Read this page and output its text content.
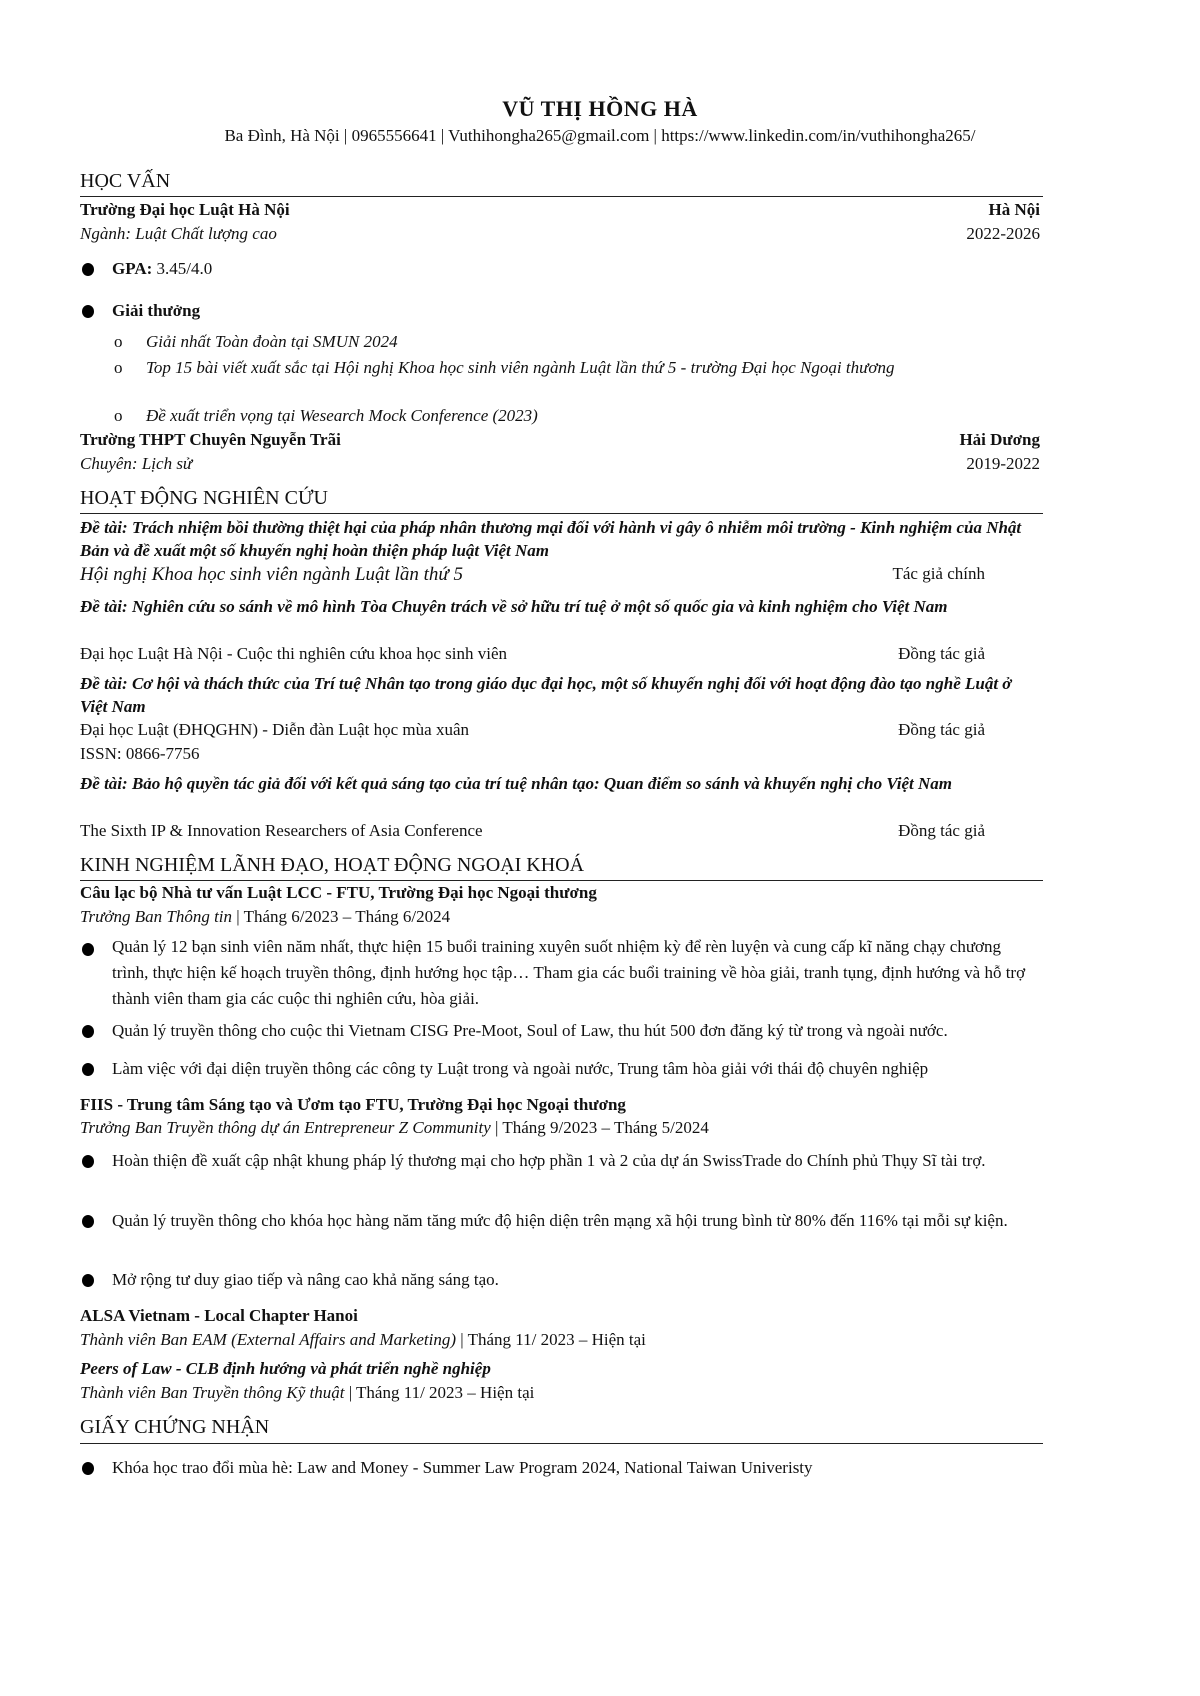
VŨ THỊ HỒNG HÀ
Ba Đình, Hà Nội | 0965556641 | Vuthihongha265@gmail.com | https://www.linkedin.com/in/vuthihongha265/
HỌC VẤN
Trường Đại học Luật Hà Nội	Hà Nội
Ngành: Luật Chất lượng cao	2022-2026
GPA: 3.45/4.0
Giải thưởng
o Giải nhất Toàn đoàn tại SMUN 2024
o Top 15 bài viết xuất sắc tại Hội nghị Khoa học sinh viên ngành Luật lần thứ 5 - trường Đại học Ngoại thương
o Đề xuất triển vọng tại Wesearch Mock Conference (2023)
Trường THPT Chuyên Nguyễn Trãi	Hải Dương
Chuyên: Lịch sử	2019-2022
HOẠT ĐỘNG NGHIÊN CỨU
Đề tài: Trách nhiệm bồi thường thiệt hại của pháp nhân thương mại đối với hành vi gây ô nhiễm môi trường - Kinh nghiệm của Nhật Bản và đề xuất một số khuyến nghị hoàn thiện pháp luật Việt Nam
Hội nghị Khoa học sinh viên ngành Luật lần thứ 5	Tác giả chính
Đề tài: Nghiên cứu so sánh về mô hình Tòa Chuyên trách về sở hữu trí tuệ ở một số quốc gia và kinh nghiệm cho Việt Nam
Đại học Luật Hà Nội - Cuộc thi nghiên cứu khoa học sinh viên	Đồng tác giả
Đề tài: Cơ hội và thách thức của Trí tuệ Nhân tạo trong giáo dục đại học, một số khuyến nghị đối với hoạt động đào tạo nghề Luật ở Việt Nam
Đại học Luật (ĐHQGHN) - Diễn đàn Luật học mùa xuân	Đồng tác giả
ISSN: 0866-7756
Đề tài: Bảo hộ quyền tác giả đối với kết quả sáng tạo của trí tuệ nhân tạo: Quan điểm so sánh và khuyến nghị cho Việt Nam
The Sixth IP & Innovation Researchers of Asia Conference	Đồng tác giả
KINH NGHIỆM LÃNH ĐẠO, HOẠT ĐỘNG NGOẠI KHOÁ
Câu lạc bộ Nhà tư vấn Luật LCC - FTU, Trường Đại học Ngoại thương
Trưởng Ban Thông tin | Tháng 6/2023 – Tháng 6/2024
Quản lý 12 bạn sinh viên năm nhất, thực hiện 15 buổi training xuyên suốt nhiệm kỳ để rèn luyện và cung cấp kĩ năng chạy chương trình, thực hiện kế hoạch truyền thông, định hướng học tập… Tham gia các buổi training về hòa giải, tranh tụng, định hướng và hỗ trợ thành viên tham gia các cuộc thi nghiên cứu, hòa giải.
Quản lý truyền thông cho cuộc thi Vietnam CISG Pre-Moot, Soul of Law, thu hút 500 đơn đăng ký từ trong và ngoài nước.
Làm việc với đại diện truyền thông các công ty Luật trong và ngoài nước, Trung tâm hòa giải với thái độ chuyên nghiệp
FIIS - Trung tâm Sáng tạo và Ươm tạo FTU, Trường Đại học Ngoại thương
Trưởng Ban Truyền thông dự án Entrepreneur Z Community | Tháng 9/2023 – Tháng 5/2024
Hoàn thiện đề xuất cập nhật khung pháp lý thương mại cho hợp phần 1 và 2 của dự án SwissTrade do Chính phủ Thụy Sĩ tài trợ.
Quản lý truyền thông cho khóa học hàng năm tăng mức độ hiện diện trên mạng xã hội trung bình từ 80% đến 116% tại mỗi sự kiện.
Mở rộng tư duy giao tiếp và nâng cao khả năng sáng tạo.
ALSA Vietnam - Local Chapter Hanoi
Thành viên Ban EAM (External Affairs and Marketing) | Tháng 11/ 2023 – Hiện tại
Peers of Law - CLB định hướng và phát triển nghề nghiệp
Thành viên Ban Truyền thông Kỹ thuật | Tháng 11/ 2023 – Hiện tại
GIẤY CHỨNG NHẬN
Khóa học trao đổi mùa hè: Law and Money - Summer Law Program 2024, National Taiwan Univeristy
